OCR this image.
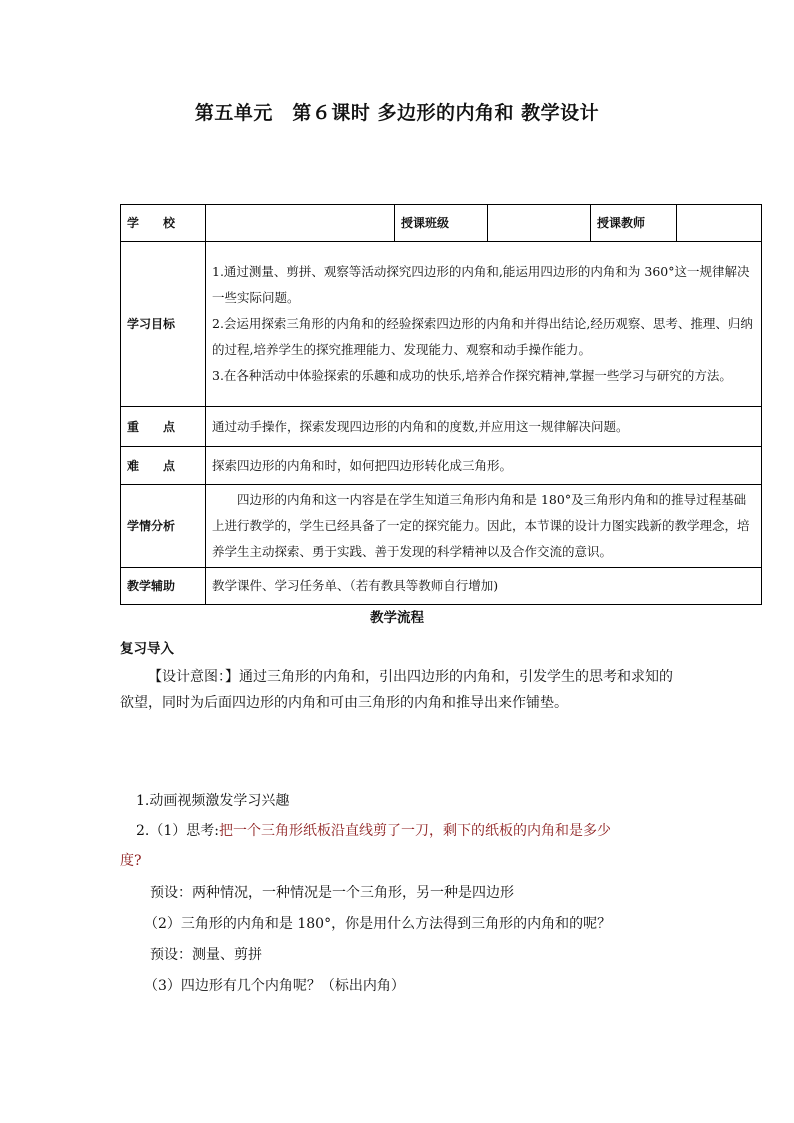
第五单元　第６课时 多边形的内角和 教学设计
学　　校		授课班级		授课教师	
学习目标	1.通过测量、剪拼、观察等活动探究四边形的内角和,能运用四边形的内角和为 360°这一规律解决一些实际问题。
2.会运用探索三角形的内角和的经验探索四边形的内角和并得出结论,经历观察、思考、推理、归纳的过程,培养学生的探究推理能力、发现能力、观察和动手操作能力。
3.在各种活动中体验探索的乐趣和成功的快乐,培养合作探究精神,掌握一些学习与研究的方法。				

重　　点	通过动手操作，探索发现四边形的内角和的度数,并应用这一规律解决问题。				
难　　点	探索四边形的内角和时，如何把四边形转化成三角形。				
学情分析	四边形的内角和这一内容是在学生知道三角形内角和是 180°及三角形内角和的推导过程基础上进行教学的，学生已经具备了一定的探究能力。因此，本节课的设计力图实践新的教学理念，培养学生主动探索、勇于实践、善于发现的科学精神以及合作交流的意识。				
教学辅助	教学课件、学习任务单、（若有教具等教师自行增加)				
教学流程
复习导入
【设计意图：】通过三角形的内角和，引出四边形的内角和，引发学生的思考和求知的欲望，同时为后面四边形的内角和可由三角形的内角和推导出来作铺垫。
1.动画视频激发学习兴趣
2.（1）思考:把一个三角形纸板沿直线剪了一刀，剩下的纸板的内角和是多少
度?
预设：两种情况，一种情况是一个三角形，另一种是四边形
（2）三角形的内角和是 180°，你是用什么方法得到三角形的内角和的呢？
预设：测量、剪拼
（3）四边形有几个内角呢？（标出内角）
